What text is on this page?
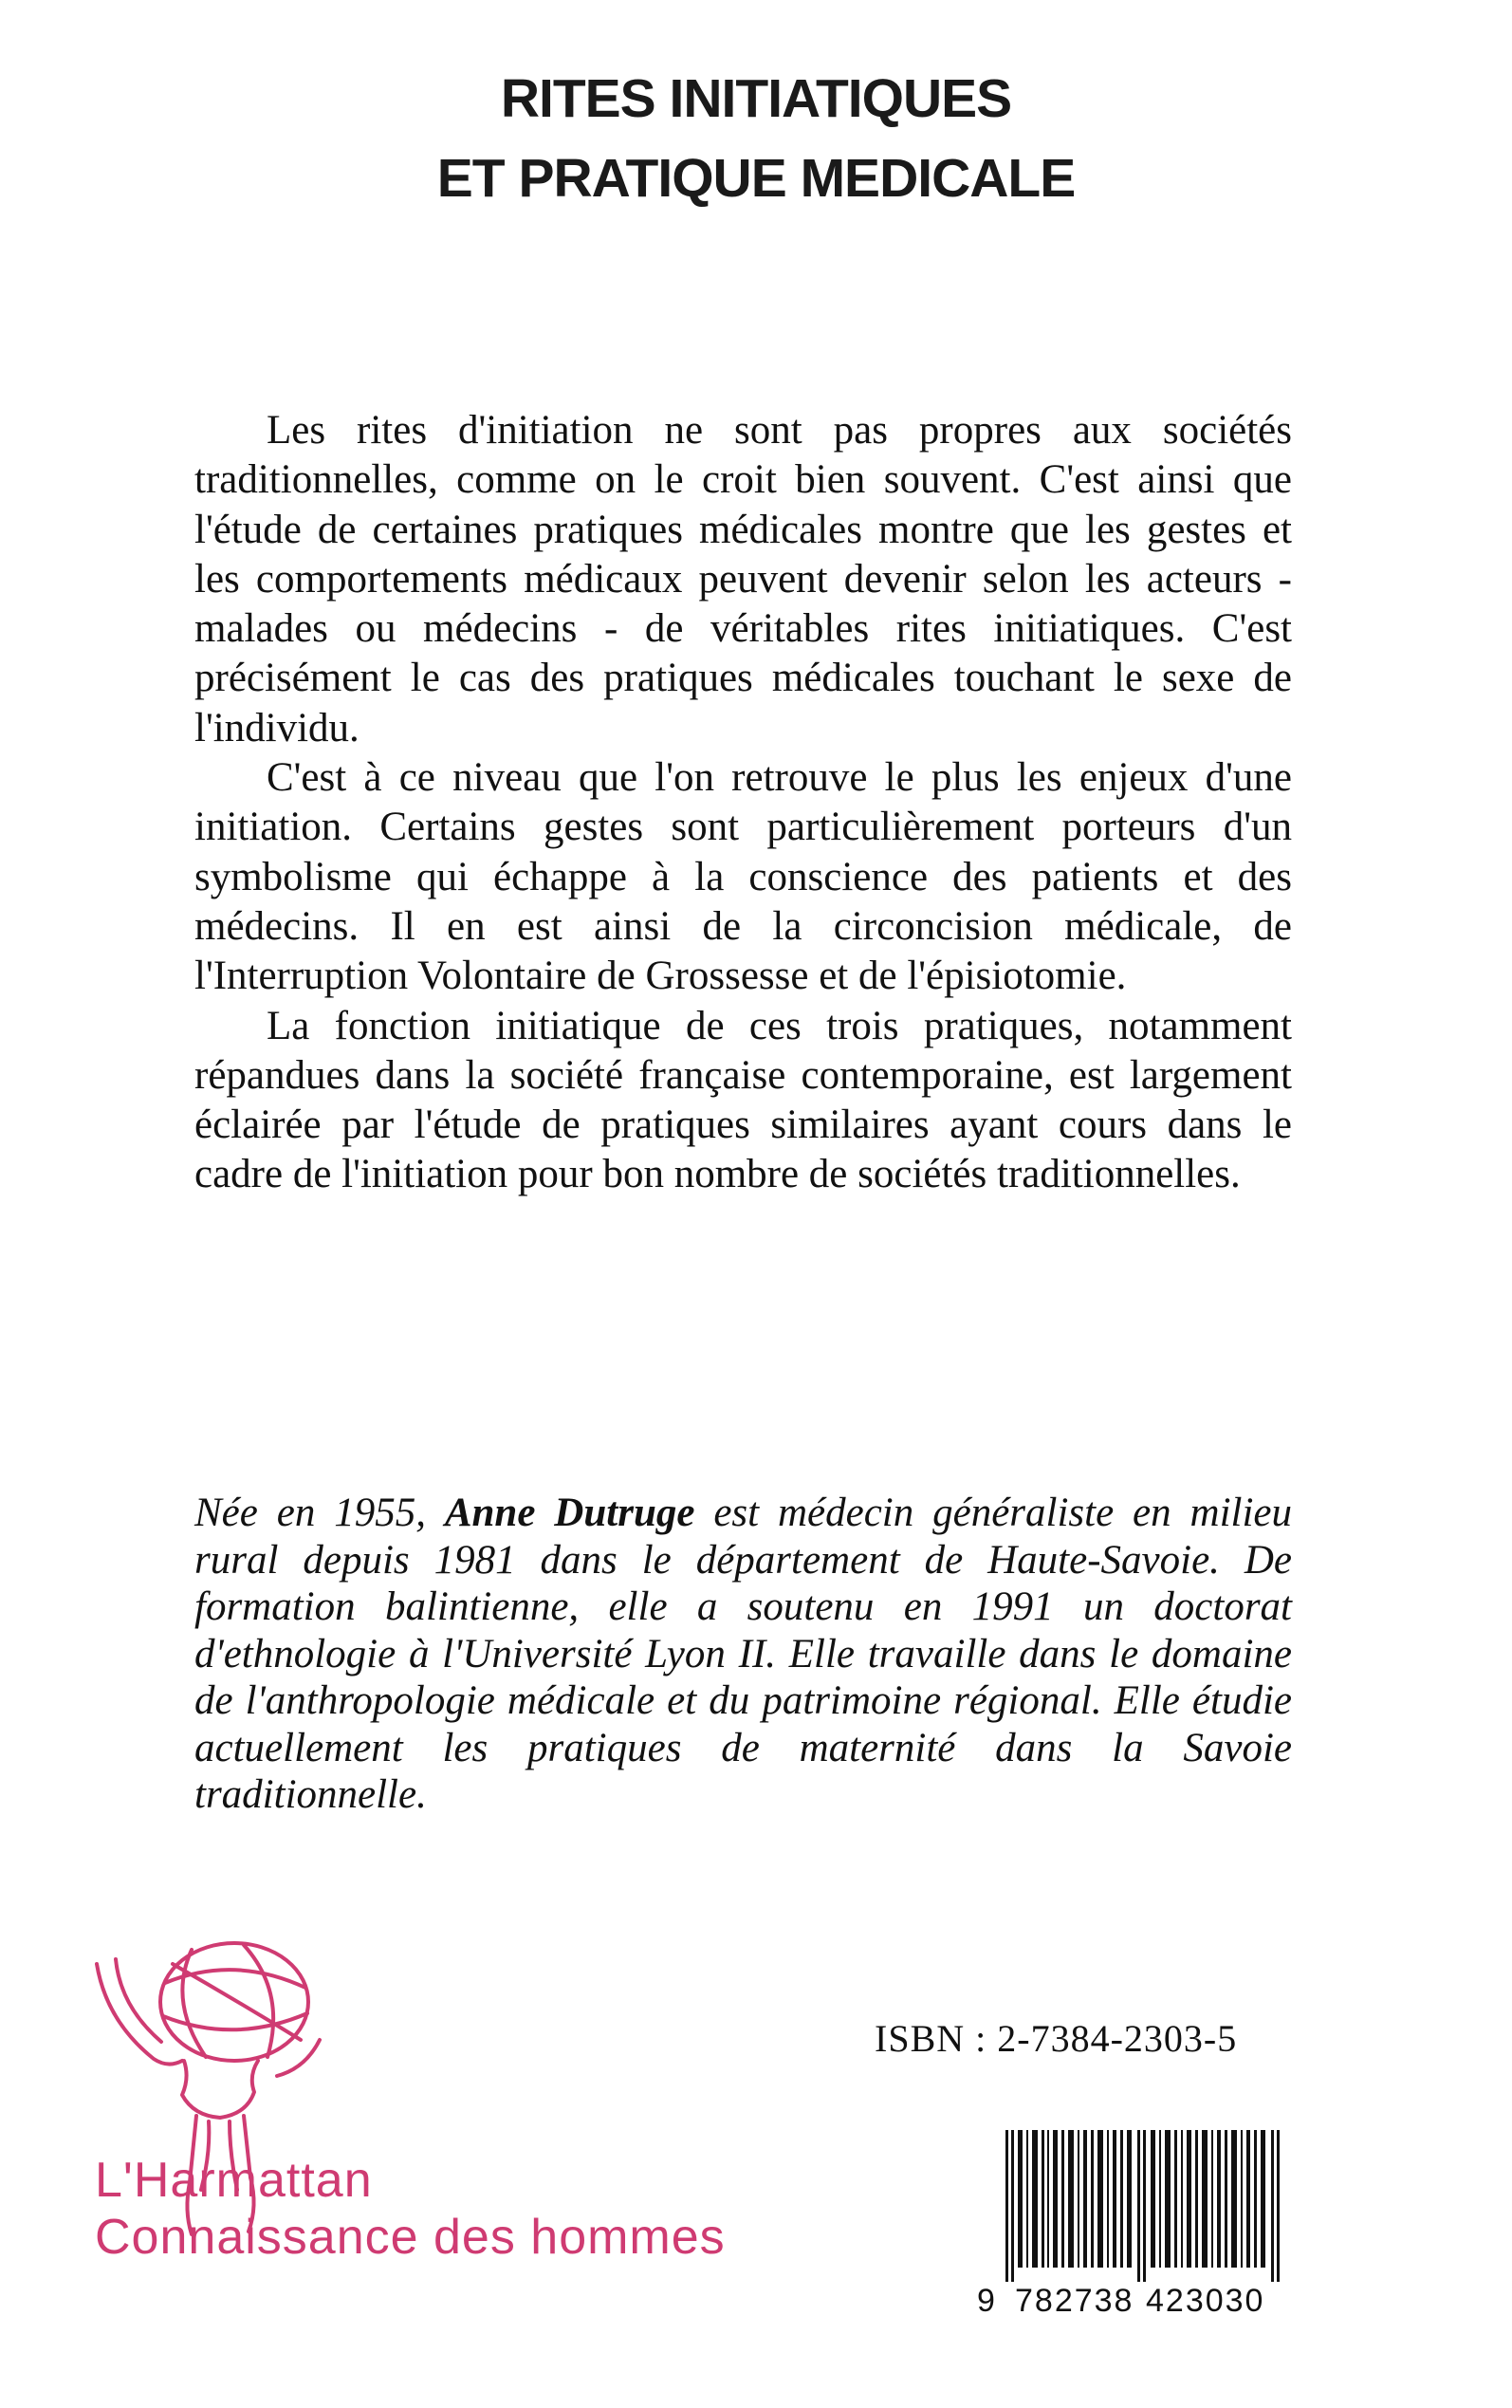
RITES INITIATIQUES
ET PRATIQUE MEDICALE

Les rites d'initiation ne sont pas propres aux sociétés traditionnelles, comme on le croit bien souvent. C'est ainsi que l'étude de certaines pratiques médicales montre que les gestes et les comportements médicaux peuvent devenir selon les acteurs - malades ou médecins - de véritables rites initiatiques. C'est précisément le cas des pratiques médicales touchant le sexe de l'individu.

C'est à ce niveau que l'on retrouve le plus les enjeux d'une initiation. Certains gestes sont particulièrement porteurs d'un symbolisme qui échappe à la conscience des patients et des médecins. Il en est ainsi de la circoncision médicale, de l'Interruption Volontaire de Grossesse et de l'épisiotomie.

La fonction initiatique de ces trois pratiques, notamment répandues dans la société française contemporaine, est largement éclairée par l'étude de pratiques similaires ayant cours dans le cadre de l'initiation pour bon nombre de sociétés traditionnelles.

Née en 1955, Anne Dutruge est médecin généraliste en milieu rural depuis 1981 dans le département de Haute-Savoie. De formation balintienne, elle a soutenu en 1991 un doctorat d'ethnologie à l'Université Lyon II. Elle travaille dans le domaine de l'anthropologie médicale et du patrimoine régional. Elle étudie actuellement les pratiques de maternité dans la Savoie traditionnelle.
ISBN : 2-7384-2303-5
L'Harmattan
Connaissance des hommes
9 782738 423030
